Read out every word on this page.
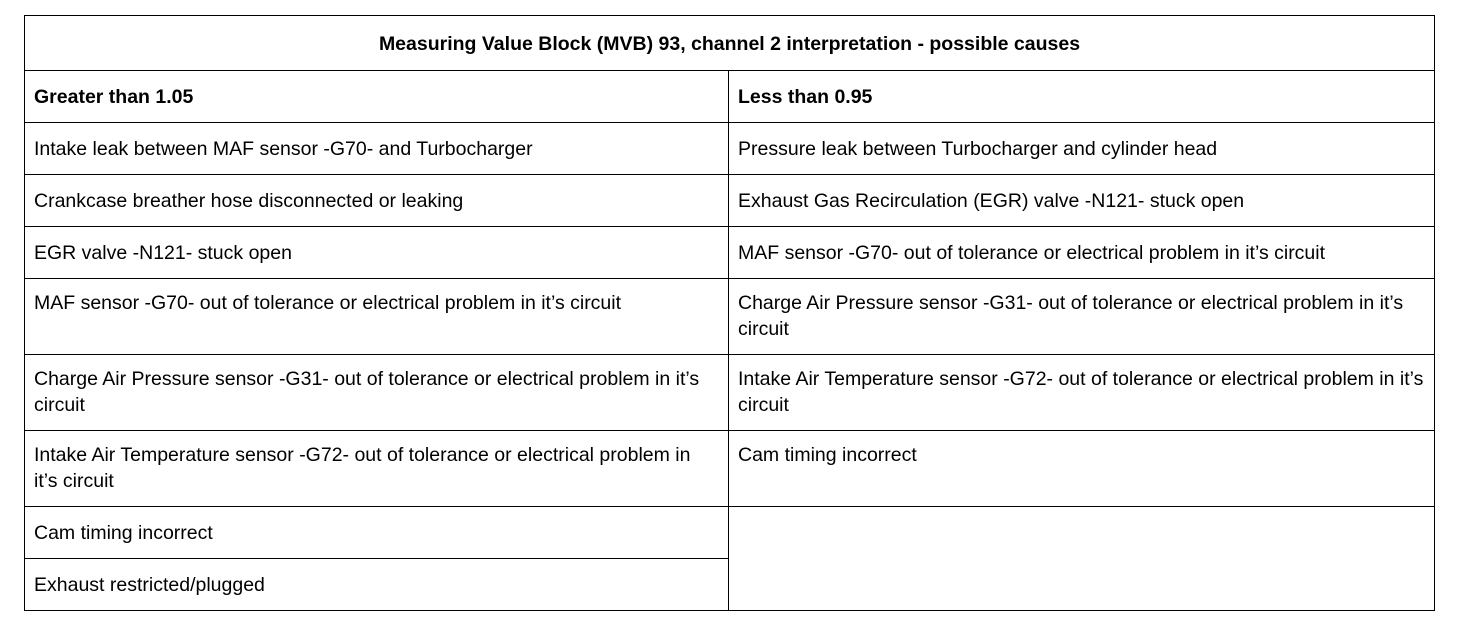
Measuring Value Block (MVB) 93, channel 2 interpretation - possible causes	
Greater than 1.05	Less than 0.95
Intake leak between MAF sensor -G70- and Turbocharger	Pressure leak between Turbocharger and cylinder head
Crankcase breather hose disconnected or leaking	Exhaust Gas Recirculation (EGR) valve -N121- stuck open
EGR valve -N121- stuck open	MAF sensor -G70- out of tolerance or electrical problem in it’s circuit
MAF sensor -G70- out of tolerance or electrical problem in it’s circuit	Charge Air Pressure sensor -G31- out of tolerance or electrical problem in it’s circuit
Charge Air Pressure sensor -G31- out of tolerance or electrical problem in it’s circuit	Intake Air Temperature sensor -G72- out of tolerance or electrical problem in it’s circuit
Intake Air Temperature sensor -G72- out of tolerance or electrical problem in it’s circuit	Cam timing incorrect
Cam timing incorrect	
Exhaust restricted/plugged	
